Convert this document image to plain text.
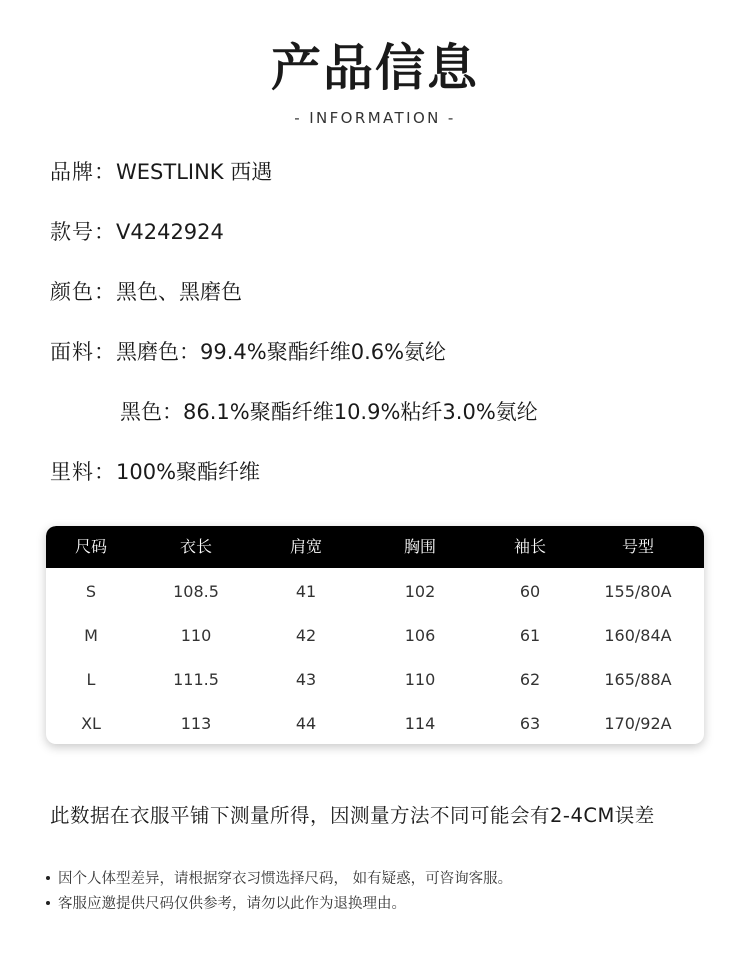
产品信息
- INFORMATION -
品牌：WESTLINK 西遇
款号：V4242924
颜色：黑色、黑磨色
面料：黑磨色：99.4%聚酯纤维0.6%氨纶
黑色：86.1%聚酯纤维10.9%粘纤3.0%氨纶
里料：100%聚酯纤维
尺码	衣长	肩宽	胸围	袖长	号型
S	108.5	41	102	60	155/80A
M	110	42	106	61	160/84A
L	111.5	43	110	62	165/88A
XL	113	44	114	63	170/92A
此数据在衣服平铺下测量所得，因测量方法不同可能会有2-4CM误差
因个人体型差异，请根据穿衣习惯选择尺码， 如有疑惑，可咨询客服。
客服应邀提供尺码仅供参考，请勿以此作为退换理由。
